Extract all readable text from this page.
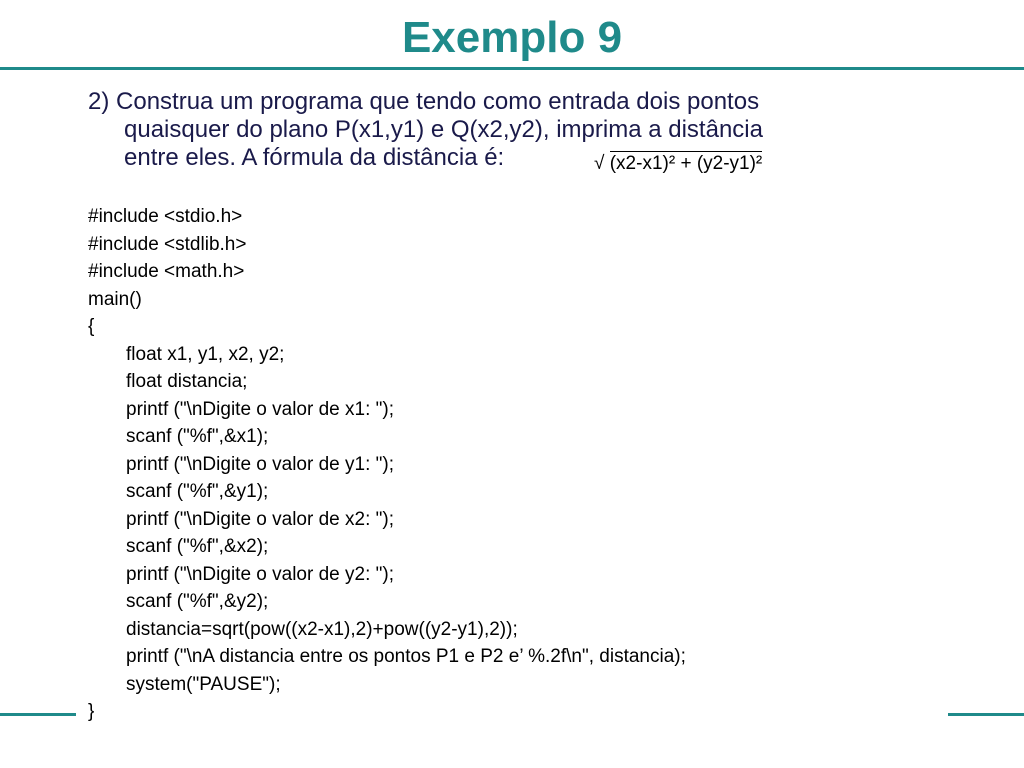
Exemplo 9
2) Construa um programa que tendo como entrada dois pontos
quaisquer do plano P(x1,y1) e Q(x2,y2), imprima a distância
entre eles. A fórmula da distância é:	√ (x2-x1)² + (y2-y1)²
#include <stdio.h>
#include <stdlib.h>
#include <math.h>
main()
{
float x1, y1, x2, y2;
float distancia;
printf ("\nDigite o valor de x1: ");
scanf ("%f",&x1);
printf ("\nDigite o valor de y1: ");
scanf ("%f",&y1);
printf ("\nDigite o valor de x2: ");
scanf ("%f",&x2);
printf ("\nDigite o valor de y2: ");
scanf ("%f",&y2);
distancia=sqrt(pow((x2-x1),2)+pow((y2-y1),2));
printf ("\nA distancia entre os pontos P1 e P2 e’ %.2f\n", distancia);
system("PAUSE");
}
